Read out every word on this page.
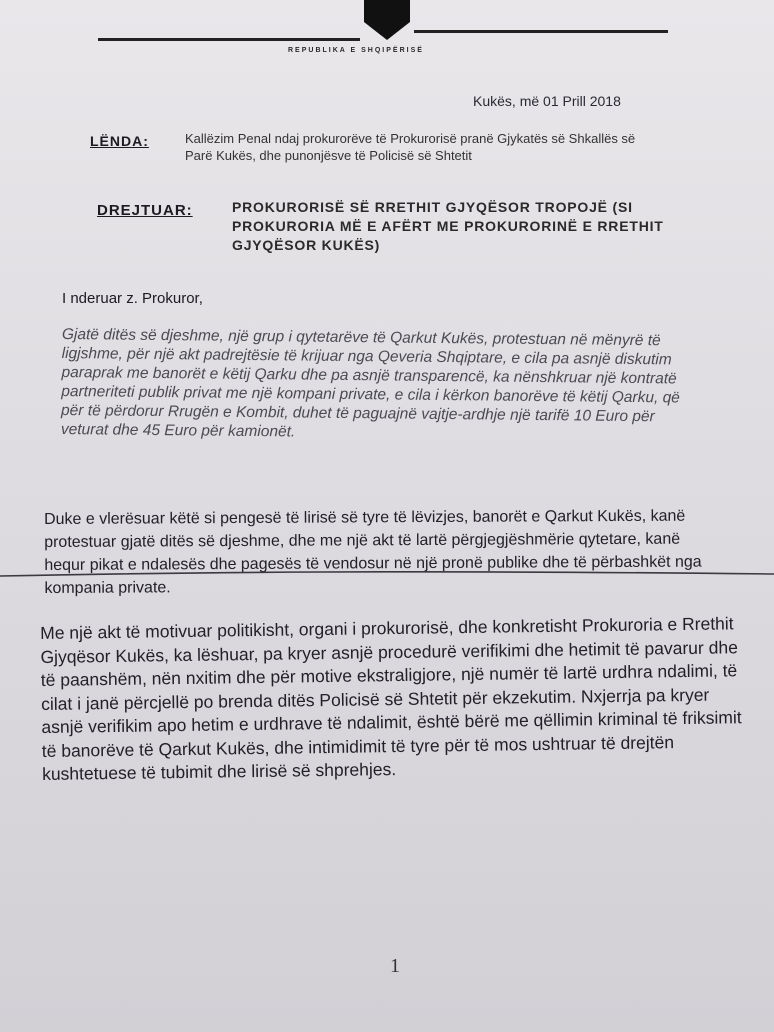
REPUBLIKA E SHQIPËRISË
Kukës, më 01 Prill 2018
LËNDA:	Kallëzim Penal ndaj prokurorëve të Prokurorisë pranë Gjykatës së Shkallës së Parë Kukës, dhe punonjësve të Policisë së Shtetit
DREJTUAR:	PROKURORISË SË RRETHIT GJYQËSOR TROPOJË (SI PROKURORIA MË E AFËRT ME PROKURORINË E RRETHIT GJYQËSOR KUKËS)
I nderuar z. Prokuror,
Gjatë ditës së djeshme, një grup i qytetarëve të Qarkut Kukës, protestuan në mënyrë të ligjshme, për një akt padrejtësie të krijuar nga Qeveria Shqiptare, e cila pa asnjë diskutim paraprak me banorët e këtij Qarku dhe pa asnjë transparencë, ka nënshkruar një kontratë partneriteti publik privat me një kompani private, e cila i kërkon banorëve të këtij Qarku, që për të përdorur Rrugën e Kombit, duhet të paguajnë vajtje-ardhje një tarifë 10 Euro për veturat dhe 45 Euro për kamionët.
Duke e vlerësuar këtë si pengesë të lirisë së tyre të lëvizjes, banorët e Qarkut Kukës, kanë protestuar gjatë ditës së djeshme, dhe me një akt të lartë përgjegjëshmërie qytetare, kanë hequr pikat e ndalesës dhe pagesës të vendosur në një pronë publike dhe të përbashkët nga kompania private.
Me një akt të motivuar politikisht, organi i prokurorisë, dhe konkretisht Prokuroria e Rrethit Gjyqësor Kukës, ka lëshuar, pa kryer asnjë procedurë verifikimi dhe hetimit të pavarur dhe të paanshëm, nën nxitim dhe për motive ekstraligjore, një numër të lartë urdhra ndalimi, të cilat i janë përcjellë po brenda ditës Policisë së Shtetit për ekzekutim. Nxjerrja pa kryer asnjë verifikim apo hetim e urdhrave të ndalimit, është bërë me qëllimin kriminal të friksimit të banorëve të Qarkut Kukës, dhe intimidimit të tyre për të mos ushtruar të drejtën kushtetuese të tubimit dhe lirisë së shprehjes.
1
